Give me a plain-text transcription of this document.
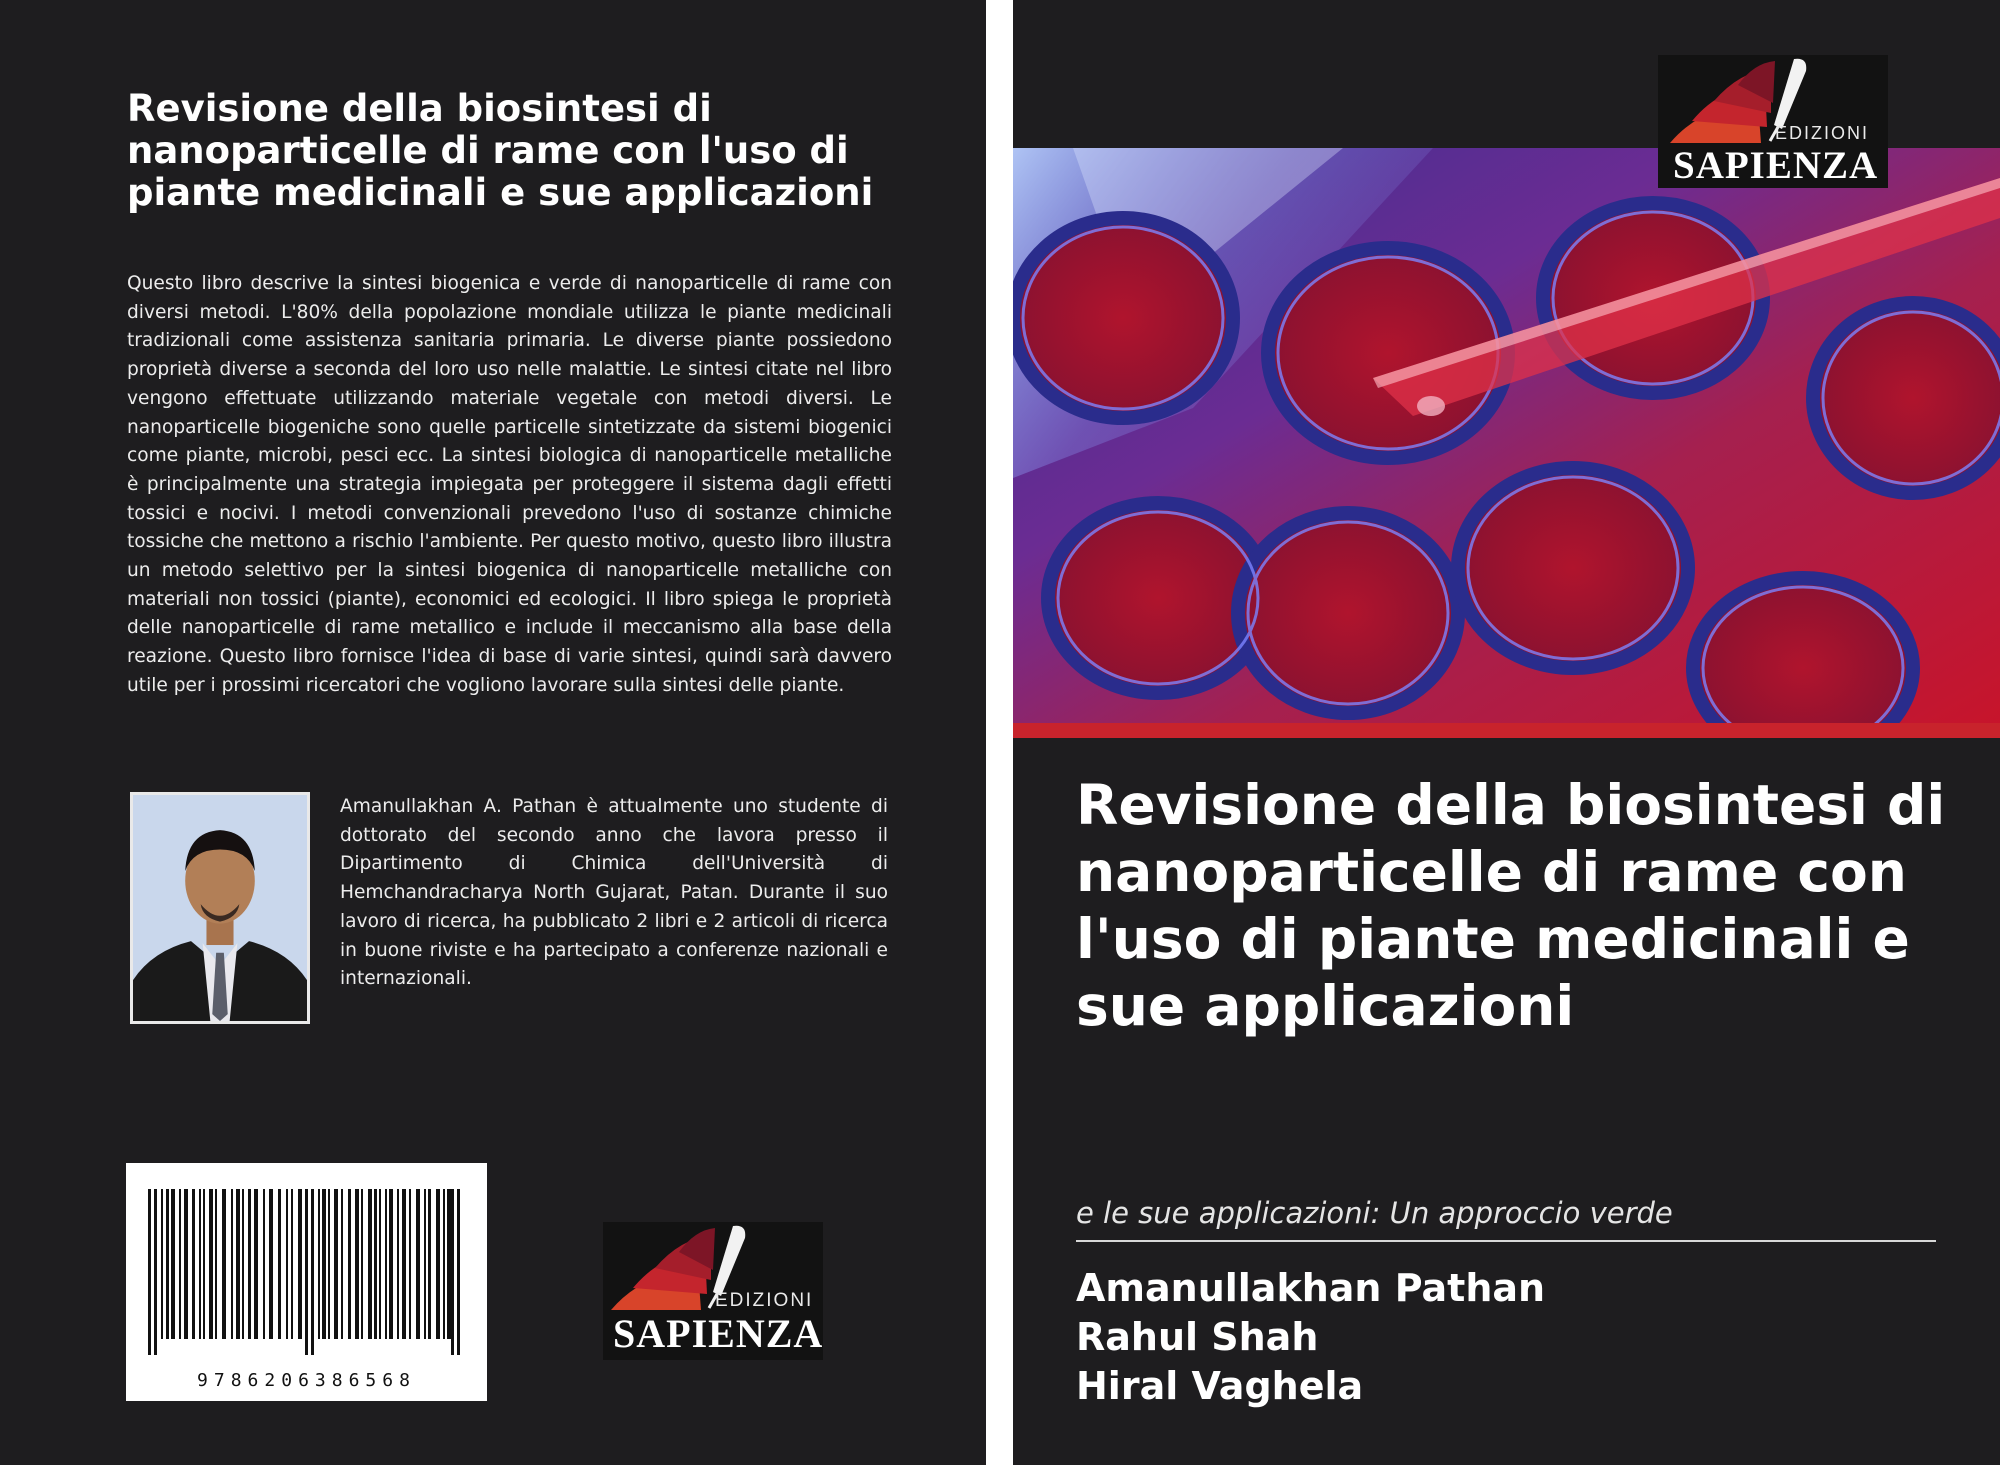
Revisione della biosintesi di nanoparticelle di rame con l'uso di piante medicinali e sue applicazioni

Questo libro descrive la sintesi biogenica e verde di nanoparticelle di rame con diversi metodi. L'80% della popolazione mondiale utilizza le piante medicinali tradizionali come assistenza sanitaria primaria. Le diverse piante possiedono proprietà diverse a seconda del loro uso nelle malattie. Le sintesi citate nel libro vengono effettuate utilizzando materiale vegetale con metodi diversi. Le nanoparticelle biogeniche sono quelle particelle sintetizzate da sistemi biogenici come piante, microbi, pesci ecc. La sintesi biologica di nanoparticelle metalliche è principalmente una strategia impiegata per proteggere il sistema dagli effetti tossici e nocivi. I metodi convenzionali prevedono l'uso di sostanze chimiche tossiche che mettono a rischio l'ambiente. Per questo motivo, questo libro illustra un metodo selettivo per la sintesi biogenica di nanoparticelle metalliche con materiali non tossici (piante), economici ed ecologici. Il libro spiega le proprietà delle nanoparticelle di rame metallico e include il meccanismo alla base della reazione. Questo libro fornisce l'idea di base di varie sintesi, quindi sarà davvero utile per i prossimi ricercatori che vogliono lavorare sulla sintesi delle piante.

Amanullakhan A. Pathan è attualmente uno studente di dottorato del secondo anno che lavora presso il Dipartimento di Chimica dell'Università di Hemchandracharya North Gujarat, Patan. Durante il suo lavoro di ricerca, ha pubblicato 2 libri e 2 articoli di ricerca in buone riviste e ha partecipato a conferenze nazionali e internazionali.

9786206386568
EDIZIONI
SAPIENZA
EDIZIONI
SAPIENZA
Revisione della biosintesi di nanoparticelle di rame con l'uso di piante medicinali e sue applicazioni

e le sue applicazioni: Un approccio verde

Amanullakhan Pathan
Rahul Shah
Hiral Vaghela
